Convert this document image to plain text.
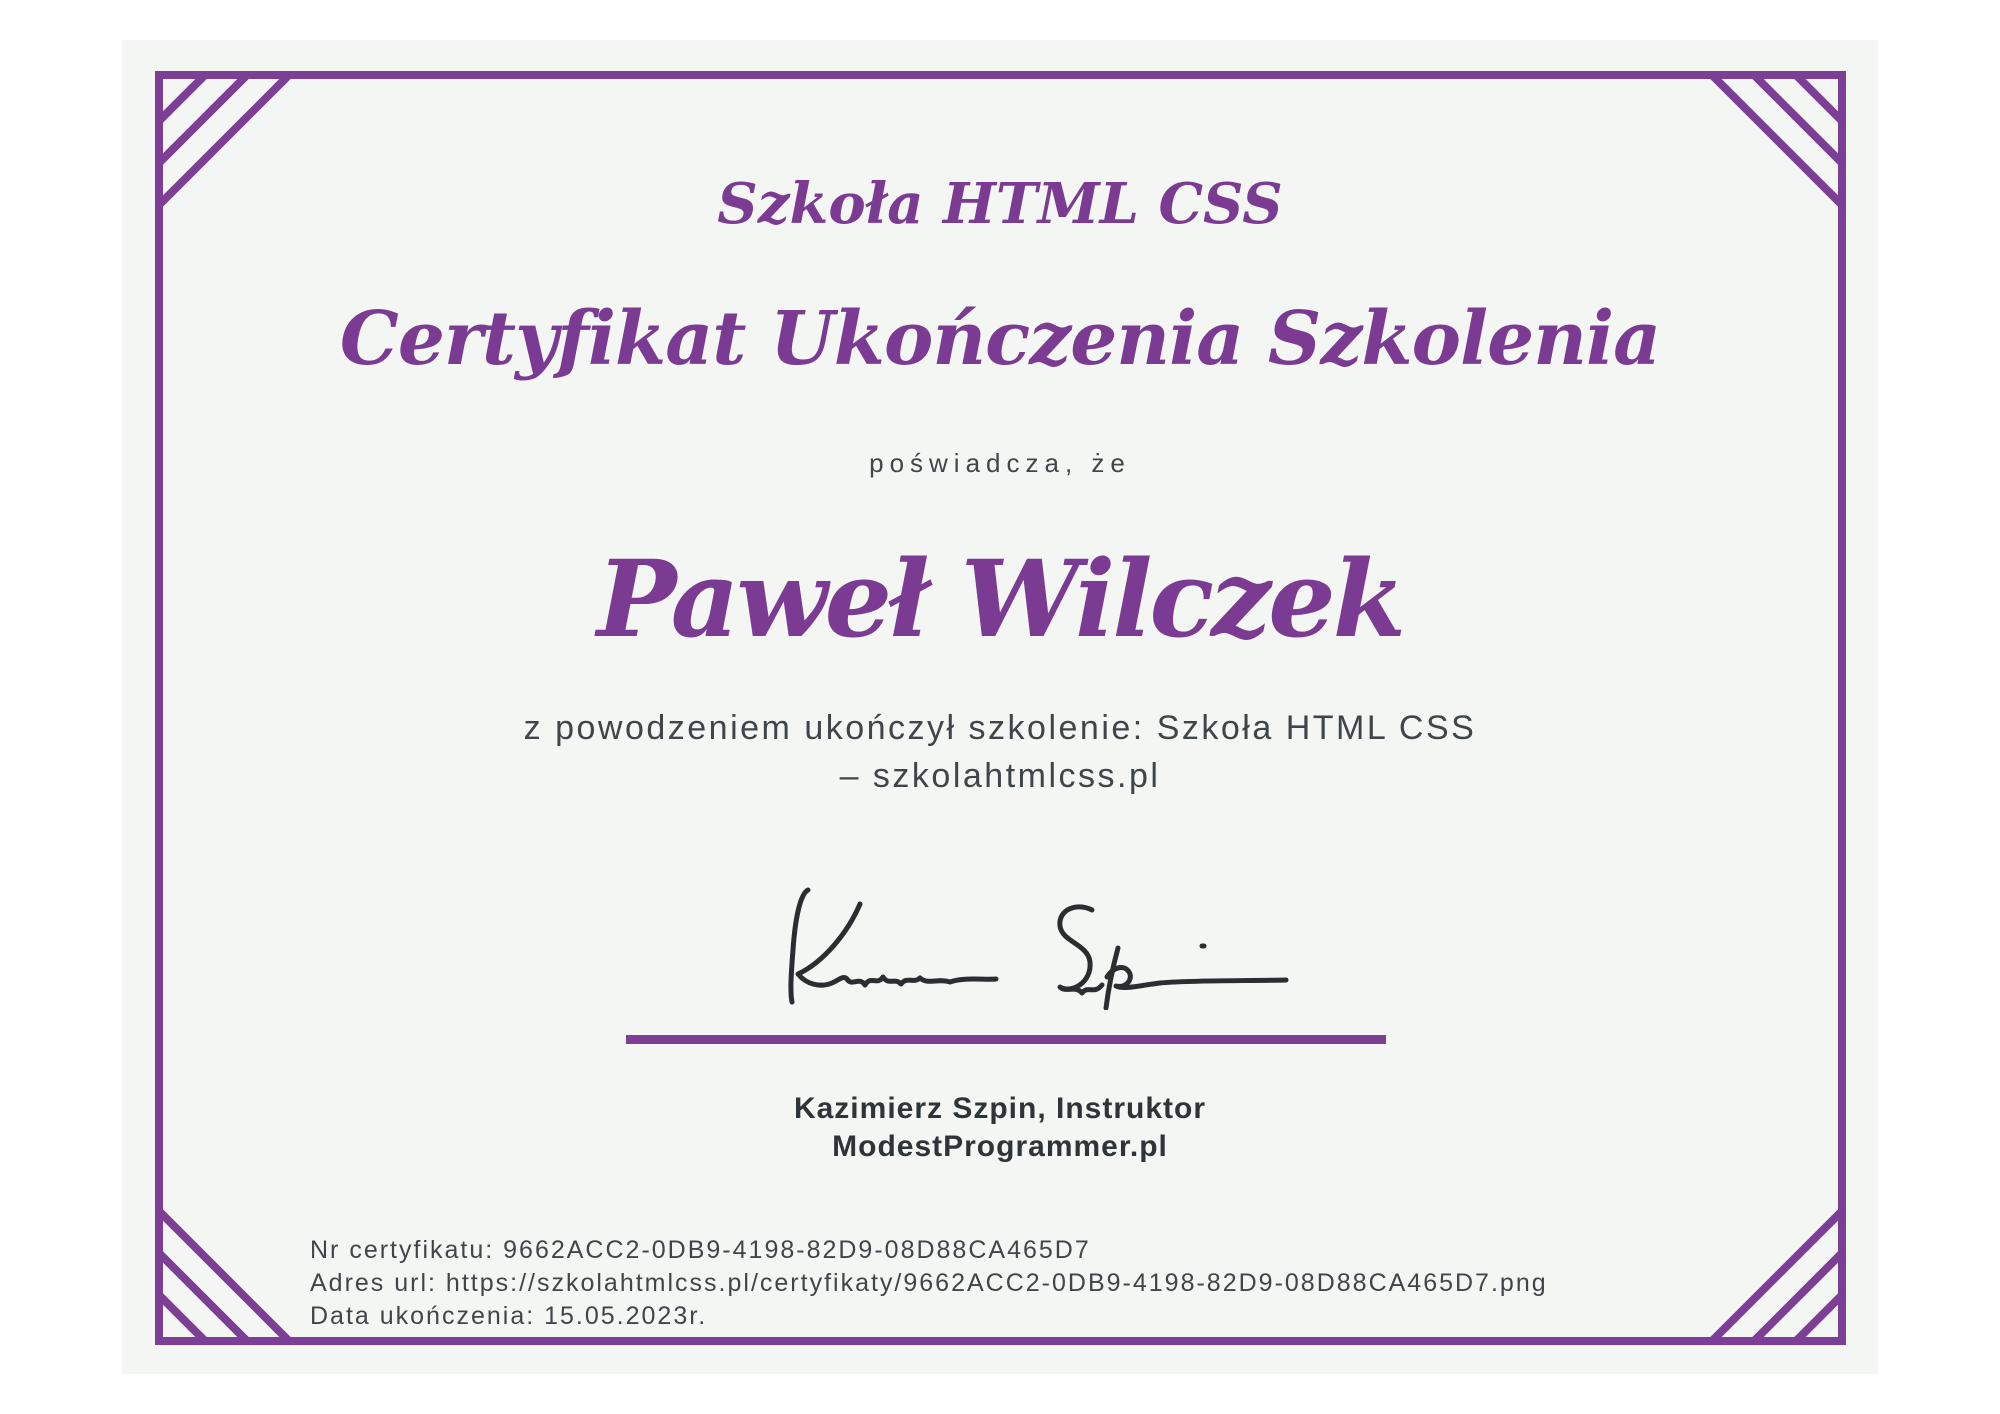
Szkoła HTML CSS
Certyfikat Ukończenia Szkolenia
poświadcza, że
Paweł Wilczek
z powodzeniem ukończył szkolenie: Szkoła HTML CSS
– szkolahtmlcss.pl
Kazimierz Szpin, Instruktor
ModestProgrammer.pl
Nr certyfikatu: 9662ACC2-0DB9-4198-82D9-08D88CA465D7
Adres url: https://szkolahtmlcss.pl/certyfikaty/9662ACC2-0DB9-4198-82D9-08D88CA465D7.png
Data ukończenia: 15.05.2023r.
